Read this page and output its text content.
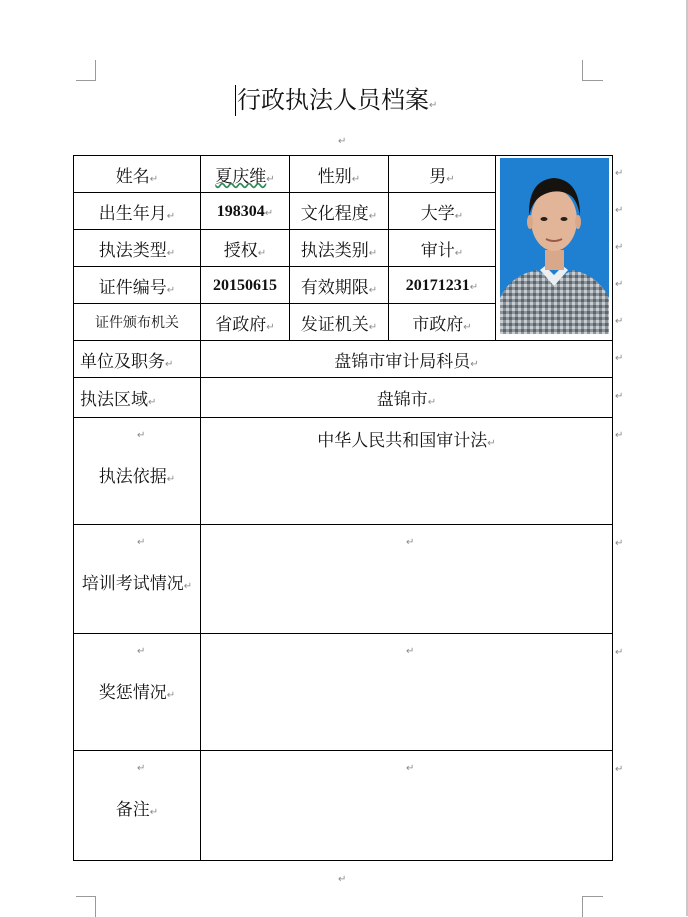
行政执法人员档案↵
↵
姓名↵	夏庆维↵	性别↵	男↵	

出生年月↵	198304↵	文化程度↵	大学↵	
执法类型↵	授权↵	执法类别↵	审计↵	
证件编号↵	20150615	有效期限↵	20171231↵	
证件颁布机关	省政府↵	发证机关↵	市政府↵	
单位及职务↵	盘锦市审计局科员↵			
执法区域↵	盘锦市↵			

↵
执法依据↵	中华人民共和国审计法↵			

↵
培训考试情况↵	↵			

↵
奖惩情况↵	↵			

↵
备注↵	↵			
↵
↵
↵
↵
↵
↵
↵
↵
↵
↵
↵
↵
